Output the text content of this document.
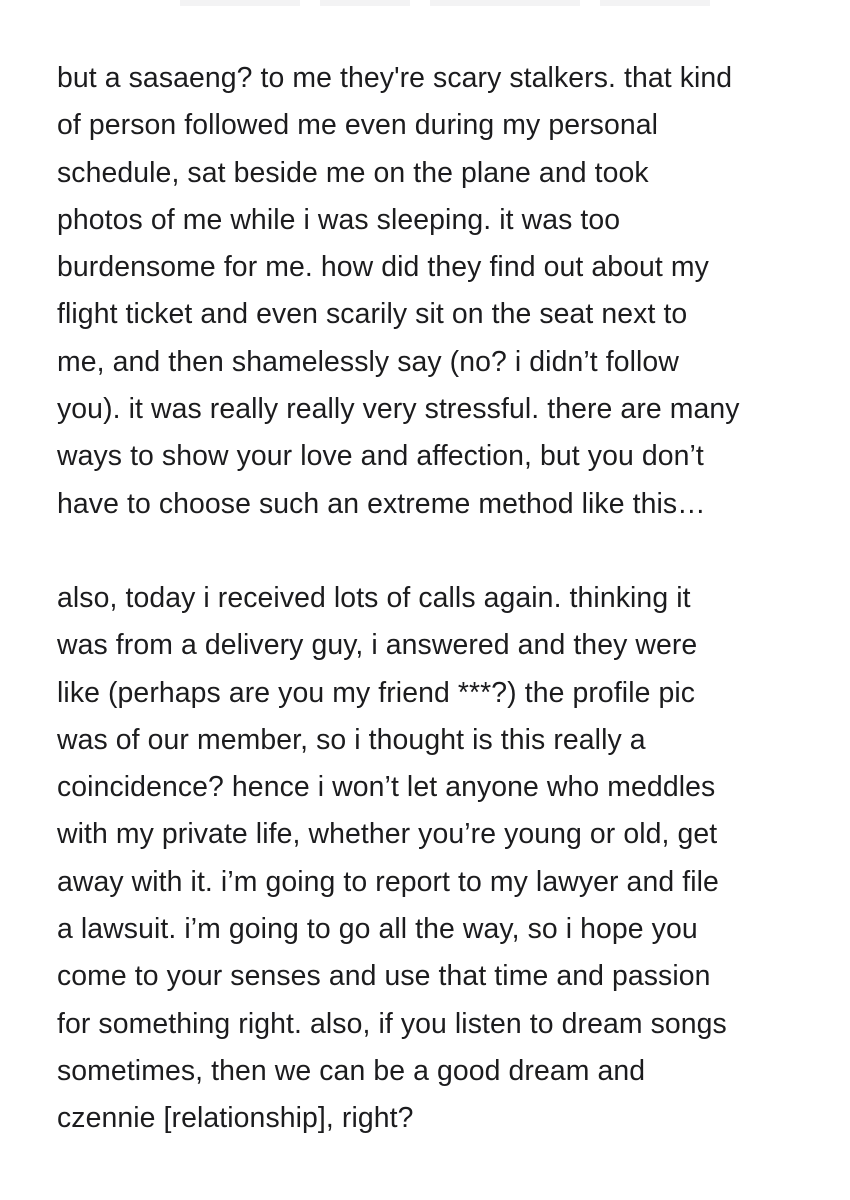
but a sasaeng? to me they're scary stalkers. that kind
of person followed me even during my personal
schedule, sat beside me on the plane and took
photos of me while i was sleeping. it was too
burdensome for me. how did they find out about my
flight ticket and even scarily sit on the seat next to
me, and then shamelessly say (no? i didn’t follow
you). it was really really very stressful. there are many
ways to show your love and affection, but you don’t
have to choose such an extreme method like this…

also, today i received lots of calls again. thinking it
was from a delivery guy, i answered and they were
like (perhaps are you my friend ***?) the profile pic
was of our member, so i thought is this really a
coincidence? hence i won’t let anyone who meddles
with my private life, whether you’re young or old, get
away with it. i’m going to report to my lawyer and file
a lawsuit. i’m going to go all the way, so i hope you
come to your senses and use that time and passion
for something right. also, if you listen to dream songs
sometimes, then we can be a good dream and
czennie [relationship], right?
